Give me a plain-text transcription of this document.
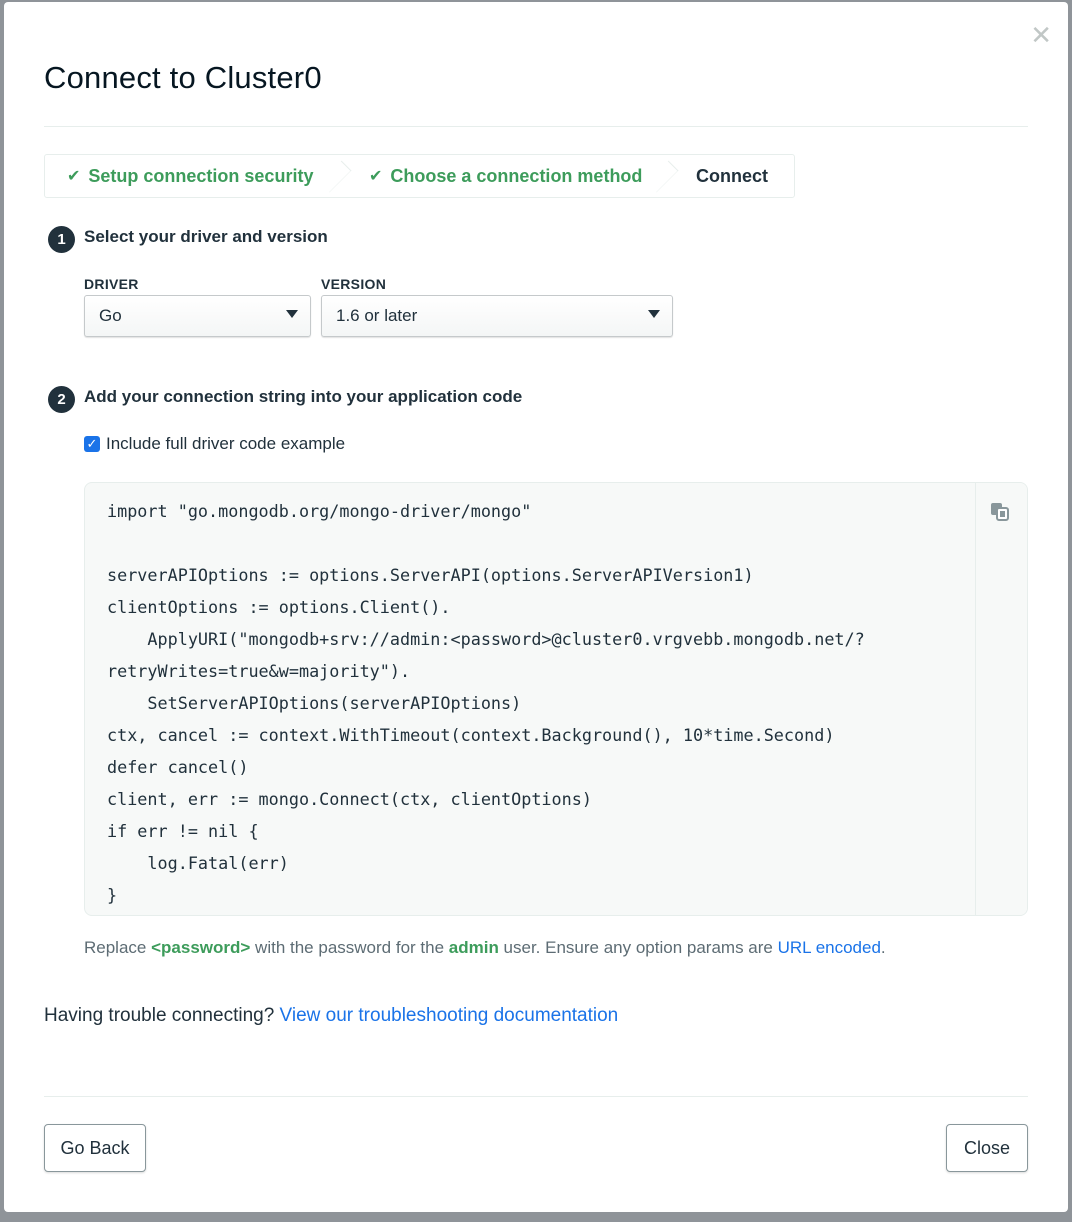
✕
Connect to Cluster0
✔ Setup connection security	✔ Choose a connection method	Connect
1	Select your driver and version
DRIVER
Go
VERSION
1.6 or later
2	Add your connection string into your application code
✓ Include full driver code example
import "go.mongodb.org/mongo-driver/mongo"

serverAPIOptions := options.ServerAPI(options.ServerAPIVersion1)
clientOptions := options.Client().
ApplyURI("mongodb+srv://admin:<password>@cluster0.vrgvebb.mongodb.net/?
retryWrites=true&w=majority").
SetServerAPIOptions(serverAPIOptions)
ctx, cancel := context.WithTimeout(context.Background(), 10*time.Second)
defer cancel()
client, err := mongo.Connect(ctx, clientOptions)
if err != nil {
log.Fatal(err)
}
Replace <password> with the password for the admin user. Ensure any option params are URL encoded.
Having trouble connecting? View our troubleshooting documentation
Go Back	Close
